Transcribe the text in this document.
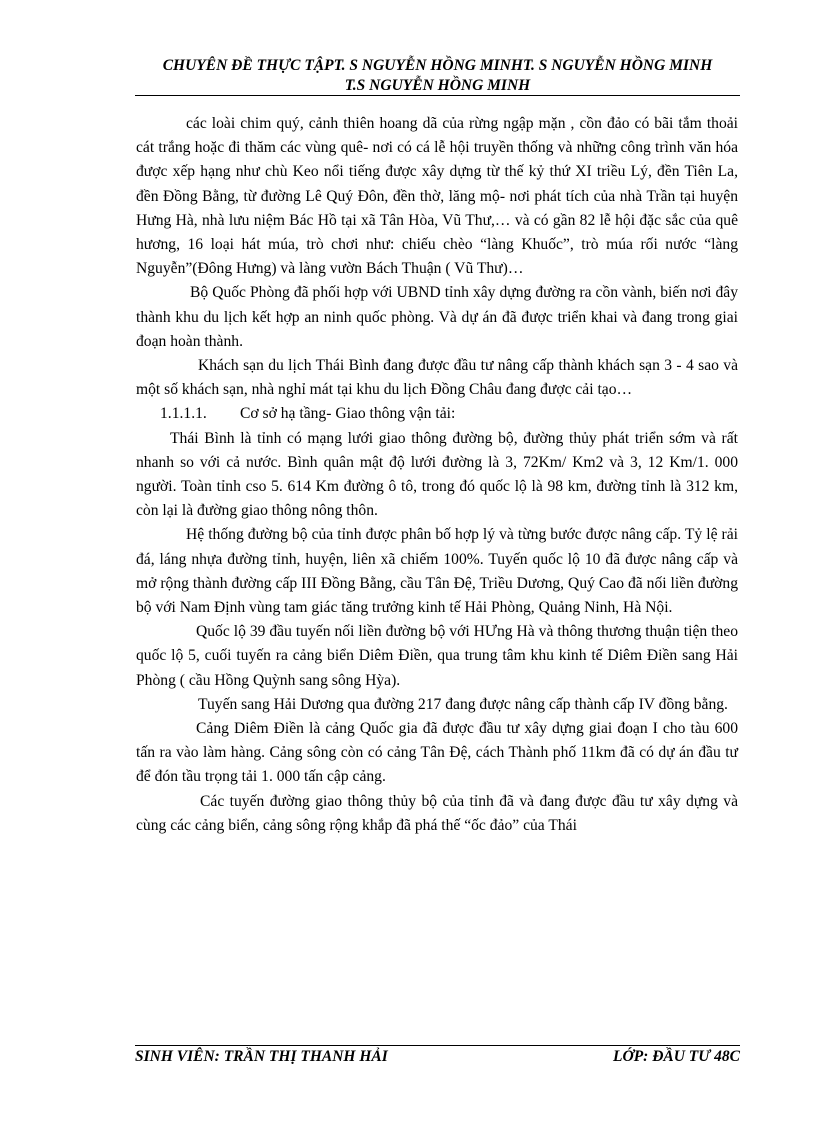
CHUYÊN ĐỀ THỰC TẬPT. S NGUYỄN HỒNG MINHT. S NGUYỄN HỒNG MINH
T.S NGUYỄN HỒNG MINH

các loài chim quý, cảnh thiên hoang dã của rừng ngập mặn , cồn đảo có bãi tắm thoải cát trắng hoặc đi thăm các vùng quê- nơi có cá lễ hội truyền thống và những công trình văn hóa được xếp hạng như chù Keo nổi tiếng được xây dựng từ thế kỷ thứ XI triều Lý, đền Tiên La, đền Đồng Bằng, từ đường Lê Quý Đôn, đền thờ, lăng mộ- nơi phát tích của nhà Trần tại huyện Hưng Hà, nhà lưu niệm Bác Hồ tại xã Tân Hòa, Vũ Thư,… và có gần 82 lễ hội đặc sắc của quê hương, 16 loại hát múa, trò chơi như: chiếu chèo “làng Khuốc”, trò múa rối nước “làng Nguyễn”(Đông Hưng) và làng vườn Bách Thuận ( Vũ Thư)…

Bộ Quốc Phòng đã phối hợp với UBND tỉnh xây dựng đường ra cồn vành, biến nơi đây thành khu du lịch kết hợp an ninh quốc phòng. Và dự án đã được triển khai và đang trong giai đoạn hoàn thành.

Khách sạn du lịch Thái Bình đang được đầu tư nâng cấp thành khách sạn 3 - 4 sao và một số khách sạn, nhà nghỉ mát tại khu du lịch Đồng Châu đang được cải tạo…

1.1.1.1.	Cơ sở hạ tầng- Giao thông vận tải:

Thái Bình là tỉnh có mạng lưới giao thông đường bộ, đường thủy phát triển sớm và rất nhanh so với cả nước. Bình quân mật độ lưới đường là 3, 72Km/ Km2 và 3, 12 Km/1. 000 người. Toàn tỉnh cso 5. 614 Km đường ô tô, trong đó quốc lộ là 98 km, đường tỉnh là 312 km, còn lại là đường giao thông nông thôn.

Hệ thống đường bộ của tỉnh được phân bố hợp lý và từng bước được nâng cấp. Tỷ lệ rải đá, láng nhựa đường tỉnh, huyện, liên xã chiếm 100%. Tuyến quốc lộ 10 đã được nâng cấp và mở rộng thành đường cấp III Đồng Bằng, cầu Tân Đệ, Triều Dương, Quý Cao đã nối liền đường bộ với Nam Định vùng tam giác tăng trưởng kinh tế Hải Phòng, Quảng Ninh, Hà Nội.

Quốc lộ 39 đầu tuyến nối liền đường bộ với HƯng Hà và thông thương thuận tiện theo quốc lộ 5, cuối tuyến ra cảng biển Diêm Điền, qua trung tâm khu kinh tế Diêm Điền sang Hải Phòng ( cầu Hồng Quỳnh sang sông Hỳa).

Tuyến sang Hải Dương qua đường 217 đang được nâng cấp thành cấp IV đồng bằng.

Cảng Diêm Điền là cảng Quốc gia đã được đầu tư xây dựng giai đoạn I cho tàu 600 tấn ra vào làm hàng. Cảng sông còn có cảng Tân Đệ, cách Thành phố 11km đã có dự án đầu tư để đón tầu trọng tải 1. 000 tấn cập cảng.

Các tuyến đường giao thông thủy bộ của tỉnh đã và đang được đầu tư xây dựng và cùng các cảng biển, cảng sông rộng khắp đã phá thế “ốc đảo” của Thái

SINH VIÊN: TRẦN THỊ THANH HẢI	LỚP: ĐẦU TƯ 48C
